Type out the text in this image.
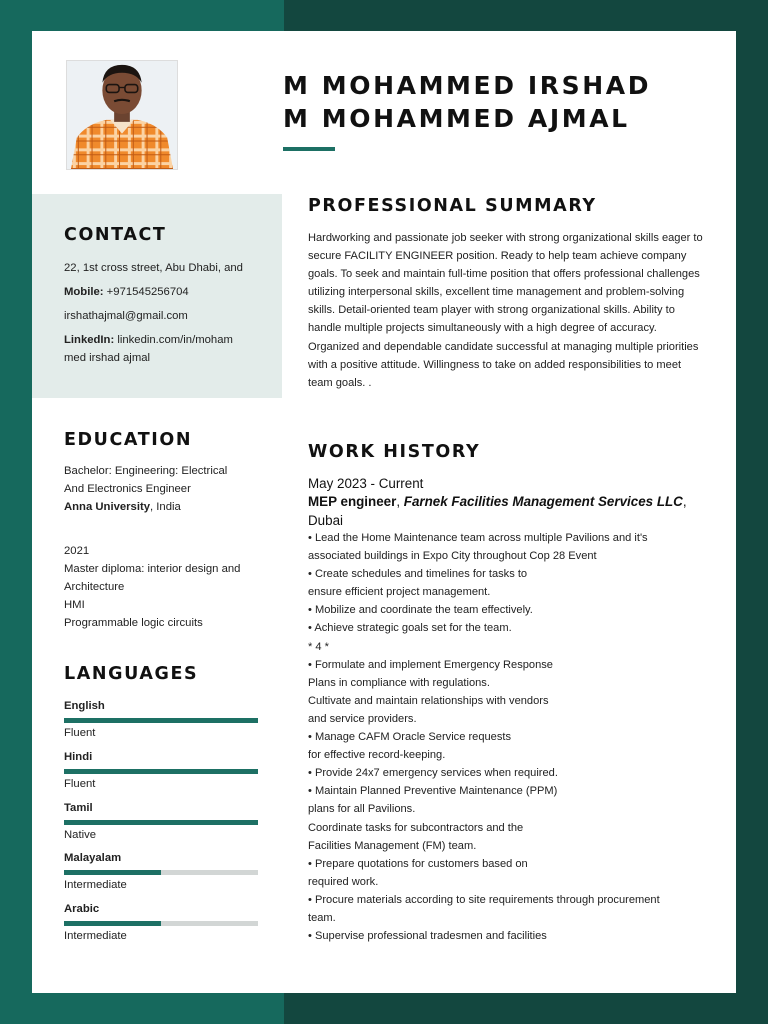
M MOHAMMED IRSHAD
M MOHAMMED AJMAL
CONTACT
22, 1st cross street, Abu Dhabi, and
Mobile: +971545256704
irshathajmal@gmail.com
LinkedIn: linkedin.com/in/moham
med irshad ajmal
EDUCATION
Bachelor: Engineering: Electrical
And Electronics Engineer
Anna University, India
2021
Master diploma: interior design and
Architecture
HMI
Programmable logic circuits
LANGUAGES
English
Fluent
Hindi
Fluent
Tamil
Native
Malayalam
Intermediate
Arabic
Intermediate
PROFESSIONAL SUMMARY
Hardworking and passionate job seeker with strong organizational skills eager to secure FACILITY ENGINEER position. Ready to help team achieve company goals. To seek and maintain full-time position that offers professional challenges utilizing interpersonal skills, excellent time management and problem-solving skills. Detail-oriented team player with strong organizational skills. Ability to handle multiple projects simultaneously with a high degree of accuracy. Organized and dependable candidate successful at managing multiple priorities with a positive attitude. Willingness to take on added responsibilities to meet team goals. .
WORK HISTORY
May 2023 - Current
MEP engineer, Farnek Facilities Management Services LLC,
Dubai
• Lead the Home Maintenance team across multiple Pavilions and it's
associated buildings in Expo City throughout Cop 28 Event
• Create schedules and timelines for tasks to
ensure efficient project management.
• Mobilize and coordinate the team effectively.
• Achieve strategic goals set for the team.
* 4 *
• Formulate and implement Emergency Response
Plans in compliance with regulations.
Cultivate and maintain relationships with vendors
and service providers.
• Manage CAFM Oracle Service requests
for effective record-keeping.
• Provide 24x7 emergency services when required.
• Maintain Planned Preventive Maintenance (PPM)
plans for all Pavilions.
Coordinate tasks for subcontractors and the
Facilities Management (FM) team.
• Prepare quotations for customers based on
required work.
• Procure materials according to site requirements through procurement
team.
• Supervise professional tradesmen and facilities
